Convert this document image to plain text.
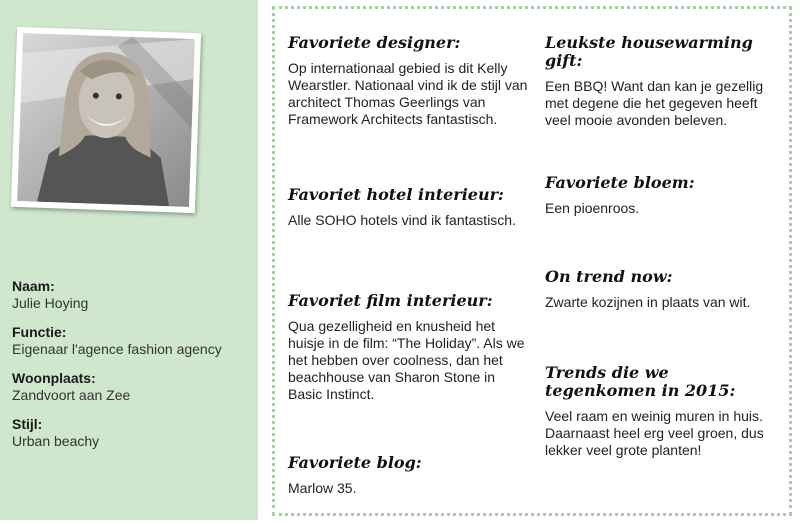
Naam:
Julie Hoying
Functie:
Eigenaar l'agence fashion agency
Woonplaats:
Zandvoort aan Zee
Stijl:
Urban beachy
Favoriete designer:
Op internationaal gebied is dit Kelly Wearstler. Nationaal vind ik de stijl van architect Thomas Geerlings van Framework Architects fantastisch.
Favoriet hotel interieur:
Alle SOHO hotels vind ik fantastisch.
Favoriet film interieur:
Qua gezelligheid en knusheid het huisje in de film: “The Holiday”. Als we het hebben over coolness, dan het beachhouse van Sharon Stone in Basic Instinct.
Favoriete blog:
Marlow 35.
Leukste housewarming gift:
Een BBQ! Want dan kan je gezellig met degene die het gegeven heeft veel mooie avonden beleven.
Favoriete bloem:
Een pioenroos.
On trend now:
Zwarte kozijnen in plaats van wit.
Trends die we tegenkomen in 2015:
Veel raam en weinig muren in huis. Daarnaast heel erg veel groen, dus lekker veel grote planten!
